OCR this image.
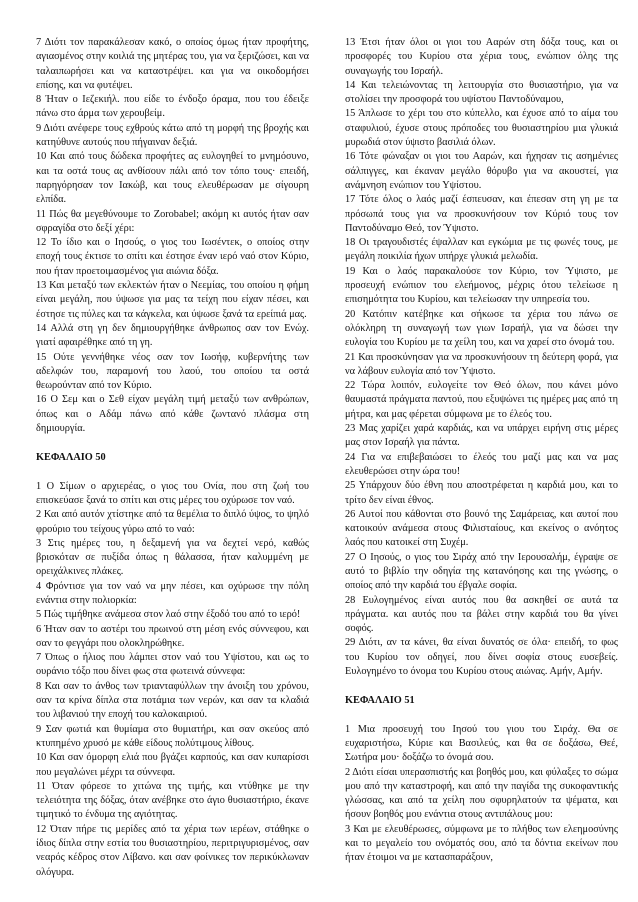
7 Διότι τον παρακάλεσαν κακό, ο οποίος όμως ήταν προφήτης, αγιασμένος στην κοιλιά της μητέρας του, για να ξεριζώσει, και να ταλαιπωρήσει και να καταστρέψει. και για να οικοδομήσει επίσης, και να φυτέψει.

8 Ήταν ο Ιεζεκιήλ. που είδε το ένδοξο όραμα, που του έδειξε πάνω στο άρμα των χερουβείμ.

9 Διότι ανέφερε τους εχθρούς κάτω από τη μορφή της βροχής και κατηύθυνε αυτούς που πήγαιναν δεξιά.

10 Και από τους δώδεκα προφήτες ας ευλογηθεί το μνημόσυνο, και τα οστά τους ας ανθίσουν πάλι από τον τόπο τους· επειδή, παρηγόρησαν τον Ιακώβ, και τους ελευθέρωσαν με σίγουρη ελπίδα.

11 Πώς θα μεγεθύνουμε το Zorobabel; ακόμη κι αυτός ήταν σαν σφραγίδα στο δεξί χέρι:

12 Το ίδιο και ο Ιησούς, ο γιος του Ιωσέντεκ, ο οποίος στην εποχή τους έκτισε το σπίτι και έστησε έναν ιερό ναό στον Κύριο, που ήταν προετοιμασμένος για αιώνια δόξα.

13 Και μεταξύ των εκλεκτών ήταν ο Νεεμίας, του οποίου η φήμη είναι μεγάλη, που ύψωσε για μας τα τείχη που είχαν πέσει, και έστησε τις πύλες και τα κάγκελα, και ύψωσε ξανά τα ερείπιά μας.

14 Αλλά στη γη δεν δημιουργήθηκε άνθρωπος σαν τον Ενώχ. γιατί αφαιρέθηκε από τη γη.

15 Ούτε γεννήθηκε νέος σαν τον Ιωσήφ, κυβερνήτης των αδελφών του, παραμονή του λαού, του οποίου τα οστά θεωρούνταν από τον Κύριο.

16 Ο Σεμ και ο Σεθ είχαν μεγάλη τιμή μεταξύ των ανθρώπων, όπως και ο Αδάμ πάνω από κάθε ζωντανό πλάσμα στη δημιουργία.

ΚΕΦΑΛΑΙΟ 50

1 Ο Σίμων ο αρχιερέας, ο γιος του Ονία, που στη ζωή του επισκεύασε ξανά το σπίτι και στις μέρες του οχύρωσε τον ναό.

2 Και από αυτόν χτίστηκε από τα θεμέλια το διπλό ύψος, το ψηλό φρούριο του τείχους γύρω από το ναό:

3 Στις ημέρες του, η δεξαμενή για να δεχτεί νερό, καθώς βρισκόταν σε πυξίδα όπως η θάλασσα, ήταν καλυμμένη με ορειχάλκινες πλάκες.

4 Φρόντισε για τον ναό να μην πέσει, και οχύρωσε την πόλη ενάντια στην πολιορκία:

5 Πώς τιμήθηκε ανάμεσα στον λαό στην έξοδό του από το ιερό!

6 Ήταν σαν το αστέρι του πρωινού στη μέση ενός σύννεφου, και σαν το φεγγάρι που ολοκληρώθηκε.

7 Όπως ο ήλιος που λάμπει στον ναό του Υψίστου, και ως το ουράνιο τόξο που δίνει φως στα φωτεινά σύννεφα:

8 Και σαν το άνθος των τριανταφύλλων την άνοιξη του χρόνου, σαν τα κρίνα δίπλα στα ποτάμια των νερών, και σαν τα κλαδιά του λιβανιού την εποχή του καλοκαιριού.

9 Σαν φωτιά και θυμίαμα στο θυμιατήρι, και σαν σκεύος από κτυπημένο χρυσό με κάθε είδους πολύτιμους λίθους.

10 Και σαν όμορφη ελιά που βγάζει καρπούς, και σαν κυπαρίσσι που μεγαλώνει μέχρι τα σύννεφα.

11 Όταν φόρεσε το χιτώνα της τιμής, και ντύθηκε με την τελειότητα της δόξας, όταν ανέβηκε στο άγιο θυσιαστήριο, έκανε τιμητικό το ένδυμα της αγιότητας.

12 Όταν πήρε τις μερίδες από τα χέρια των ιερέων, στάθηκε ο ίδιος δίπλα στην εστία του θυσιαστηρίου, περιτριγυρισμένος, σαν νεαρός κέδρος στον Λίβανο. και σαν φοίνικες τον περικύκλωναν ολόγυρα.

13 Έτσι ήταν όλοι οι γιοι του Ααρών στη δόξα τους, και οι προσφορές του Κυρίου στα χέρια τους, ενώπιον όλης της συναγωγής του Ισραήλ.

14 Και τελειώνοντας τη λειτουργία στο θυσιαστήριο, για να στολίσει την προσφορά του υψίστου Παντοδύναμου,

15 Άπλωσε το χέρι του στο κύπελλο, και έχυσε από το αίμα του σταφυλιού, έχυσε στους πρόποδες του θυσιαστηρίου μια γλυκιά μυρωδιά στον ύψιστο βασιλιά όλων.

16 Τότε φώναξαν οι γιοι του Ααρών, και ήχησαν τις ασημένιες σάλπιγγες, και έκαναν μεγάλο θόρυβο για να ακουστεί, για ανάμνηση ενώπιον του Υψίστου.

17 Τότε όλος ο λαός μαζί έσπευσαν, και έπεσαν στη γη με τα πρόσωπά τους για να προσκυνήσουν τον Κύριό τους τον Παντοδύναμο Θεό, τον Ύψιστο.

18 Οι τραγουδιστές έψαλλαν και εγκώμια με τις φωνές τους, με μεγάλη ποικιλία ήχων υπήρχε γλυκιά μελωδία.

19 Και ο λαός παρακαλούσε τον Κύριο, τον Ύψιστο, με προσευχή ενώπιον του ελεήμονος, μέχρις ότου τελείωσε η επισημότητα του Κυρίου, και τελείωσαν την υπηρεσία του.

20 Κατόπιν κατέβηκε και σήκωσε τα χέρια του πάνω σε ολόκληρη τη συναγωγή των γιων Ισραήλ, για να δώσει την ευλογία του Κυρίου με τα χείλη του, και να χαρεί στο όνομά του.

21 Και προσκύνησαν για να προσκυνήσουν τη δεύτερη φορά, για να λάβουν ευλογία από τον Ύψιστο.

22 Τώρα λοιπόν, ευλογείτε τον Θεό όλων, που κάνει μόνο θαυμαστά πράγματα παντού, που εξυψώνει τις ημέρες μας από τη μήτρα, και μας φέρεται σύμφωνα με το έλεός του.

23 Μας χαρίζει χαρά καρδιάς, και να υπάρχει ειρήνη στις μέρες μας στον Ισραήλ για πάντα.

24 Για να επιβεβαιώσει το έλεός του μαζί μας και να μας ελευθερώσει στην ώρα του!

25 Υπάρχουν δύο έθνη που αποστρέφεται η καρδιά μου, και το τρίτο δεν είναι έθνος.

26 Αυτοί που κάθονται στο βουνό της Σαμάρειας, και αυτοί που κατοικούν ανάμεσα στους Φιλισταίους, και εκείνος ο ανόητος λαός που κατοικεί στη Συχέμ.

27 Ο Ιησούς, ο γιος του Σιράχ από την Ιερουσαλήμ, έγραψε σε αυτό το βιβλίο την οδηγία της κατανόησης και της γνώσης, ο οποίος από την καρδιά του έβγαλε σοφία.

28 Ευλογημένος είναι αυτός που θα ασκηθεί σε αυτά τα πράγματα. και αυτός που τα βάλει στην καρδιά του θα γίνει σοφός.

29 Διότι, αν τα κάνει, θα είναι δυνατός σε όλα· επειδή, το φως του Κυρίου τον οδηγεί, που δίνει σοφία στους ευσεβείς. Ευλογημένο το όνομα του Κυρίου στους αιώνας. Αμήν, Αμήν.

ΚΕΦΑΛΑΙΟ 51

1 Μια προσευχή του Ιησού του γιου του Σιράχ. Θα σε ευχαριστήσω, Κύριε και Βασιλεύς, και θα σε δοξάσω, Θεέ, Σωτήρα μου· δοξάζω το όνομά σου.

2 Διότι είσαι υπερασπιστής και βοηθός μου, και φύλαξες το σώμα μου από την καταστροφή, και από την παγίδα της συκοφαντικής γλώσσας, και από τα χείλη που σφυρηλατούν τα ψέματα, και ήσουν βοηθός μου ενάντια στους αντιπάλους μου:

3 Και με ελευθέρωσες, σύμφωνα με το πλήθος των ελεημοσύνης και το μεγαλείο του ονόματός σου, από τα δόντια εκείνων που ήταν έτοιμοι να με κατασπαράξουν,
